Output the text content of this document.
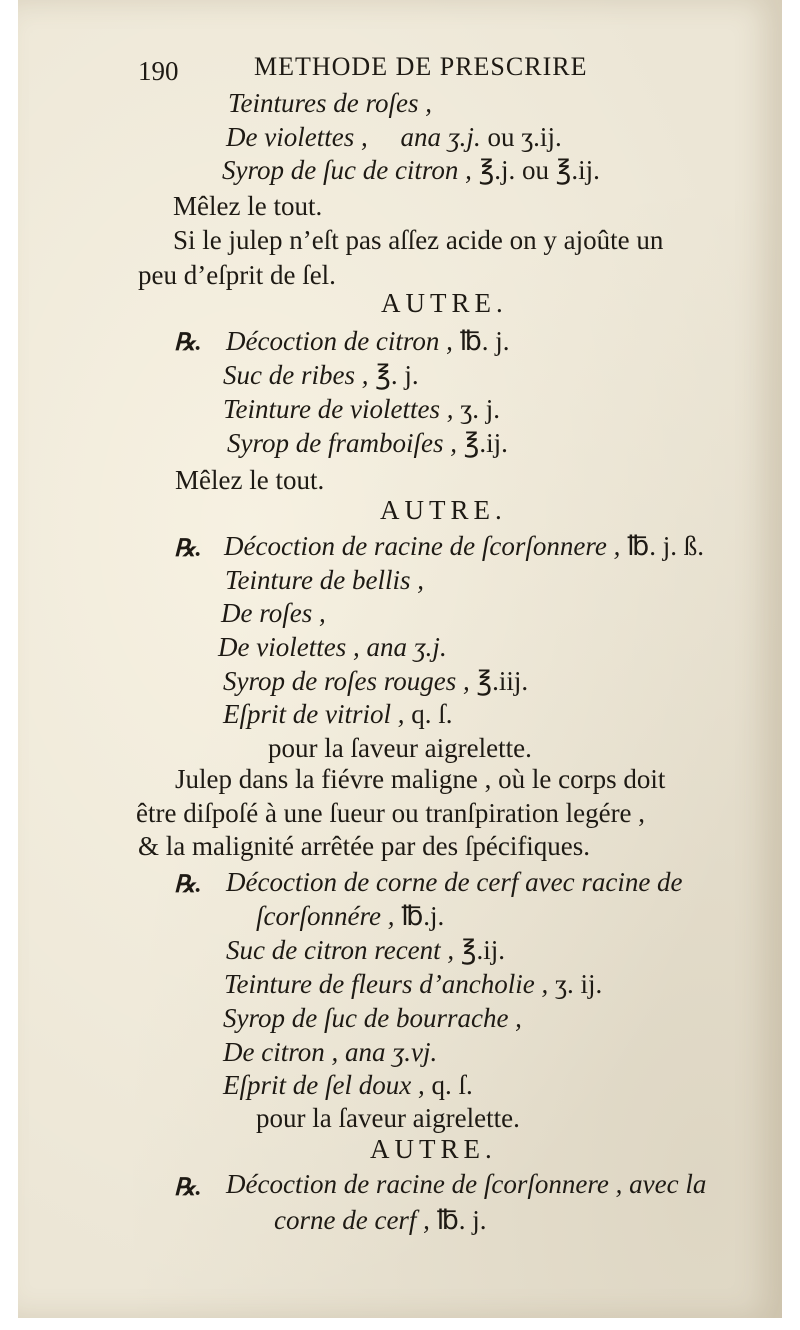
190	METHODE DE PRESCRIRE
Teintures de roſes ,
De violettes , ana ʒ.j. ou ʒ.ij.
Syrop de ſuc de citron , ℥.j. ou ℥.ij.
Mêlez le tout.
Si le julep n’eſt pas aſſez acide on y ajoûte un
peu d’eſprit de ſel.
AUTRE.
℞. Décoction de citron , ℔. j.
Suc de ribes , ℥. j.
Teinture de violettes , ʒ. j.
Syrop de framboiſes , ℥.ij.
Mêlez le tout.
AUTRE.
℞. Décoction de racine de ſcorſonnere , ℔. j. ß.
Teinture de bellis ,
De roſes ,
De violettes , ana ʒ.j.
Syrop de roſes rouges , ℥.iij.
Eſprit de vitriol , q. ſ.
pour la ſaveur aigrelette.
Julep dans la fiévre maligne , où le corps doit
être diſpoſé à une ſueur ou tranſpiration legére ,
& la malignité arrêtée par des ſpécifiques.
℞. Décoction de corne de cerf avec racine de
ſcorſonnére , ℔.j.
Suc de citron recent , ℥.ij.
Teinture de fleurs d’ancholie , ʒ. ij.
Syrop de ſuc de bourrache ,
De citron , ana ʒ.vj.
Eſprit de ſel doux , q. ſ.
pour la ſaveur aigrelette.
AUTRE.
℞. Décoction de racine de ſcorſonnere , avec la
corne de cerf , ℔. j.
